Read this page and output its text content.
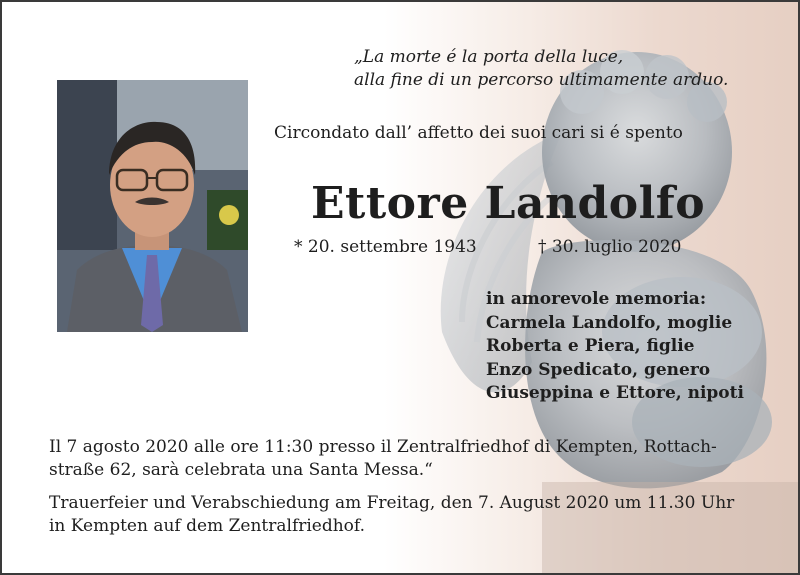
„La morte é la porta della luce,
alla fine di un percorso ultimamente arduo.
Circondato dall’ affetto dei suoi cari si é spento
Ettore Landolfo
* 20. settembre 1943	† 30. luglio 2020
in amorevole memoria:
Carmela Landolfo, moglie
Roberta e Piera, figlie
Enzo Spedicato, genero
Giuseppina e Ettore, nipoti
Il 7 agosto 2020 alle ore 11:30 presso il Zentralfriedhof di Kempten, Rottach-
straße 62, sarà celebrata una Santa Messa.“
Trauerfeier und Verabschiedung am Freitag, den 7. August 2020 um 11.30 Uhr
in Kempten auf dem Zentralfriedhof.
